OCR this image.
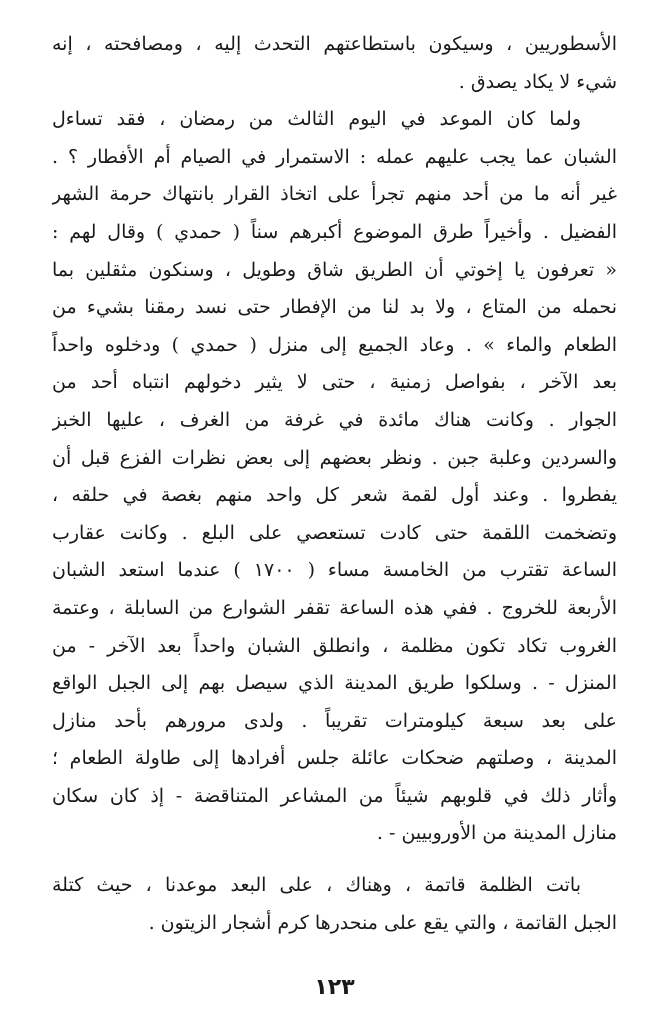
الأسطوريين ، وسيكون باستطاعتهم التحدث إليه ، ومصافحته ، إنه
شيء لا يكاد يصدق .
ولما كان الموعد في اليوم الثالث من رمضان ، فقد تساءل
الشبان عما يجب عليهم عمله : الاستمرار في الصيام أم الأفطار ؟ .
غير أنه ما من أحد منهم تجرأ على اتخاذ القرار بانتهاك حرمة الشهر
الفضيل . وأخيراً طرق الموضوع أكبرهم سناً ( حمدي ) وقال لهم :
« تعرفون يا إخوتي أن الطريق شاق وطويل ، وسنكون مثقلين بما
نحمله من المتاع ، ولا بد لنا من الإفطار حتى نسد رمقنا بشيء من
الطعام والماء » . وعاد الجميع إلى منزل ( حمدي ) ودخلوه واحداً
بعد الآخر ، بفواصل زمنية ، حتى لا يثير دخولهم انتباه أحد من
الجوار . وكانت هناك مائدة في غرفة من الغرف ، عليها الخبز
والسردين وعلبة جبن . ونظر بعضهم إلى بعض نظرات الفزع قبل أن
يفطروا . وعند أول لقمة شعر كل واحد منهم بغصة في حلقه ،
وتضخمت اللقمة حتى كادت تستعصي على البلع . وكانت عقارب
الساعة تقترب من الخامسة مساء ( ١٧٠٠ ) عندما استعد الشبان
الأربعة للخروج . ففي هذه الساعة تقفر الشوارع من السابلة ، وعتمة
الغروب تكاد تكون مظلمة ، وانطلق الشبان واحداً بعد الآخر - من
المنزل - . وسلكوا طريق المدينة الذي سيصل بهم إلى الجبل الواقع
على بعد سبعة كيلومترات تقريباً . ولدى مرورهم بأحد منازل
المدينة ، وصلتهم ضحكات عائلة جلس أفرادها إلى طاولة الطعام ؛
وأثار ذلك في قلوبهم شيئاً من المشاعر المتناقضة - إذ كان سكان
منازل المدينة من الأوروبيين - .
باتت الظلمة قاتمة ، وهناك ، على البعد موعدنا ، حيث كتلة
الجبل القاتمة ، والتي يقع على منحدرها كرم أشجار الزيتون .
١٢٣
